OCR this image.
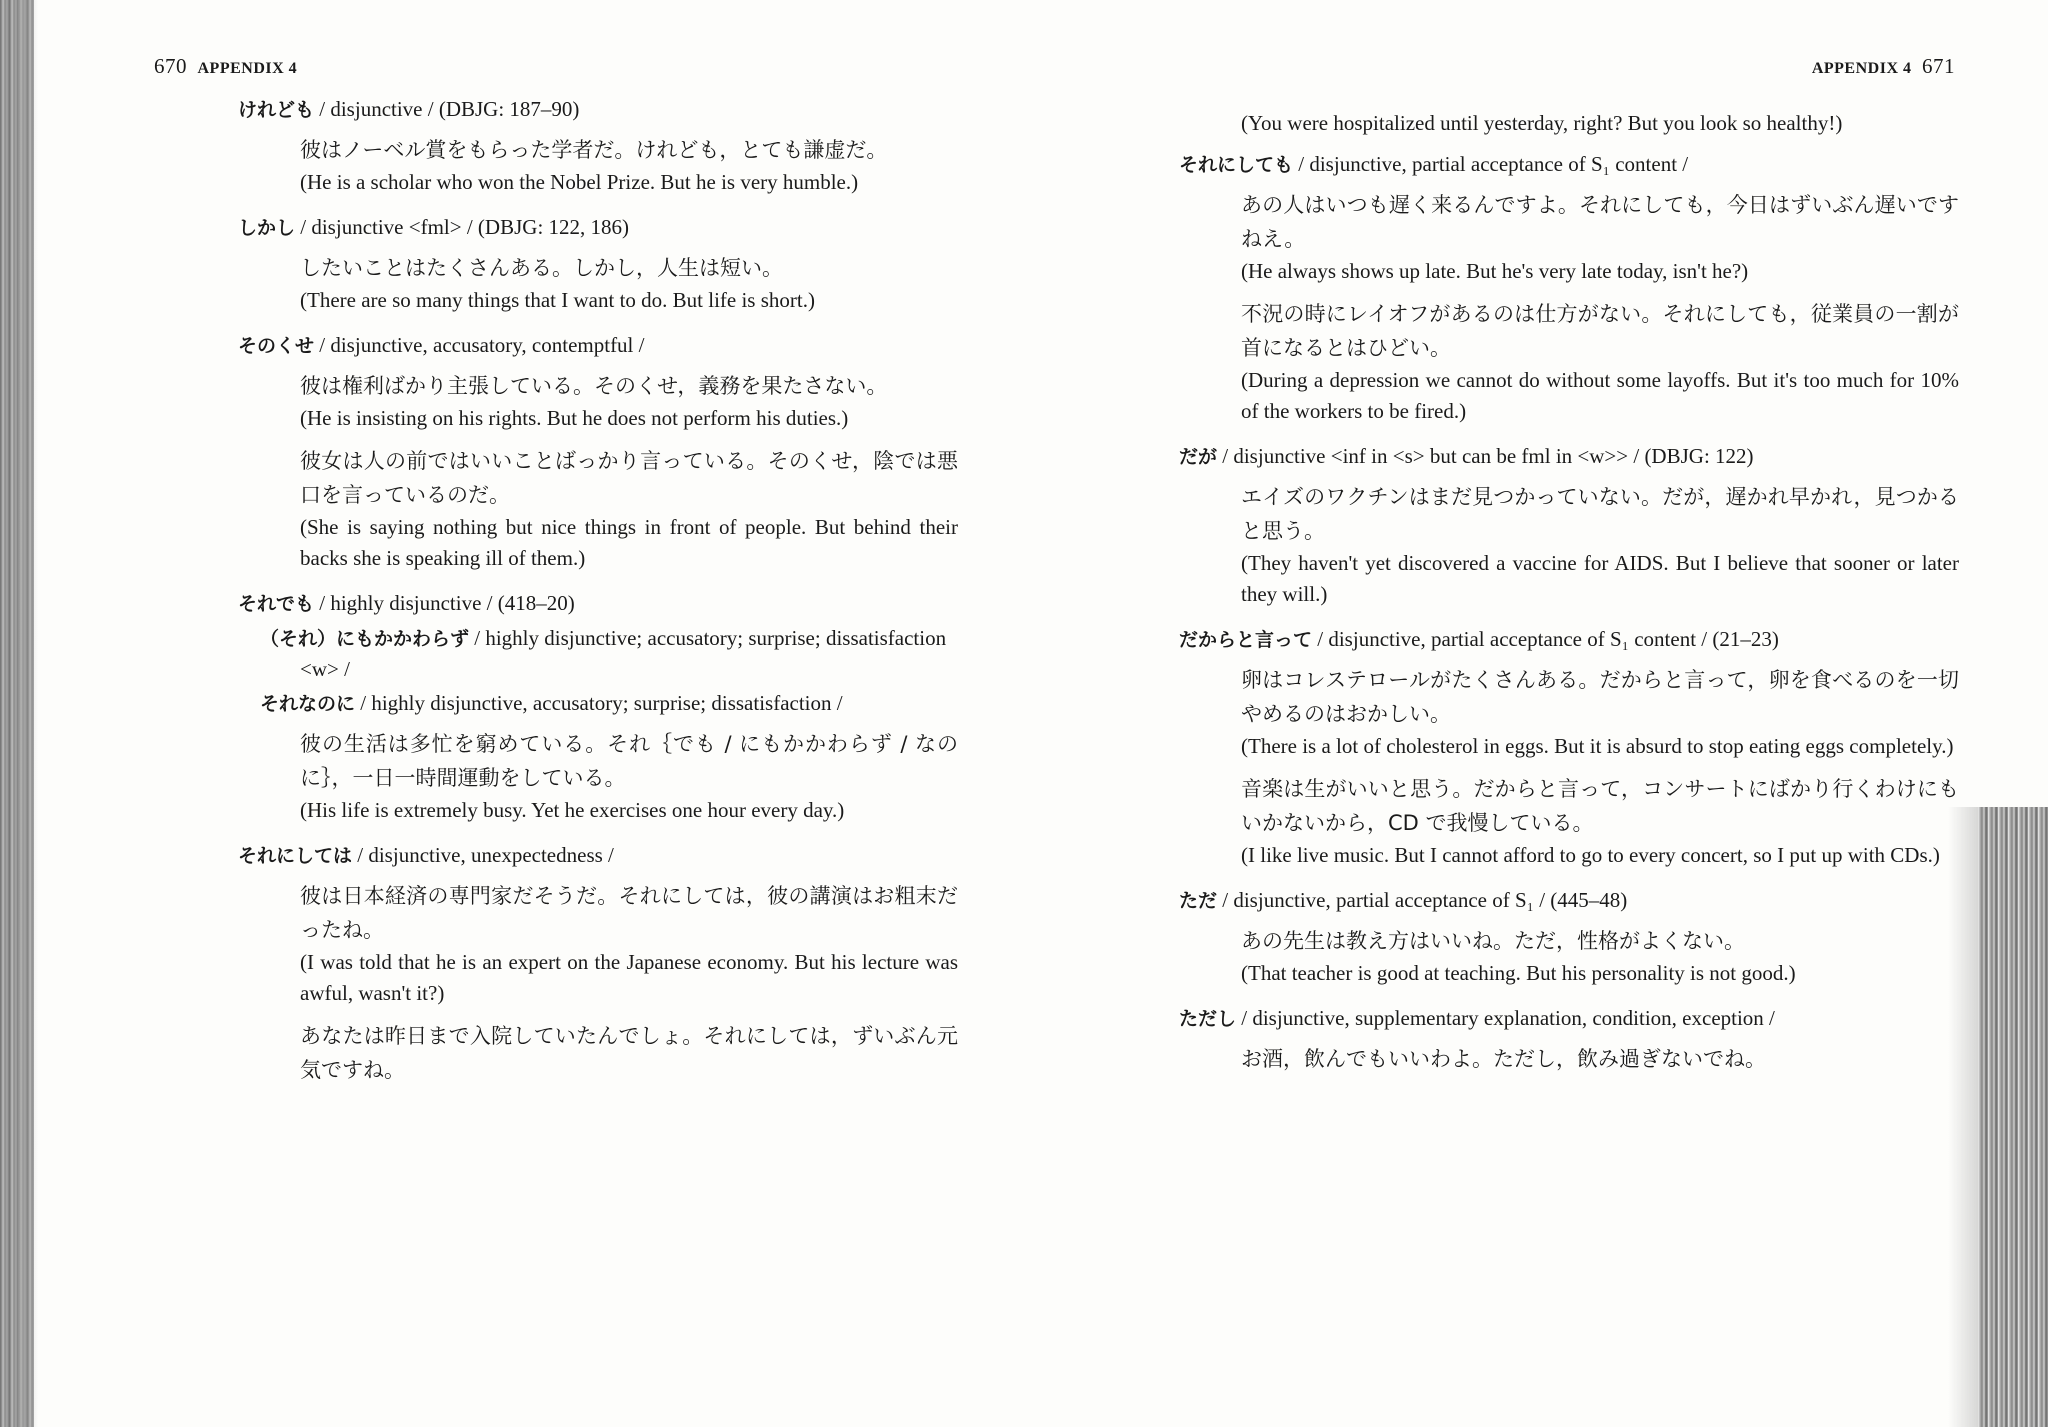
670 APPENDIX 4
けれども / disjunctive / (DBJG: 187–90)
彼はノーベル賞をもらった学者だ。けれども，とても謙虚だ。
(He is a scholar who won the Nobel Prize. But he is very humble.)
しかし / disjunctive <fml> / (DBJG: 122, 186)
したいことはたくさんある。しかし，人生は短い。
(There are so many things that I want to do. But life is short.)
そのくせ / disjunctive, accusatory, contemptful /
彼は権利ばかり主張している。そのくせ，義務を果たさない。
(He is insisting on his rights. But he does not perform his duties.)
彼女は人の前ではいいことばっかり言っている。そのくせ，陰では悪口を言っているのだ。
(She is saying nothing but nice things in front of people. But behind their backs she is speaking ill of them.)
それでも / highly disjunctive / (418–20)
（それ）にもかかわらず / highly disjunctive; accusatory; surprise; dissatisfaction <w> /
それなのに / highly disjunctive, accusatory; surprise; dissatisfaction /
彼の生活は多忙を窮めている。それ｛でも / にもかかわらず / なのに｝，一日一時間運動をしている。
(His life is extremely busy. Yet he exercises one hour every day.)
それにしては / disjunctive, unexpectedness /
彼は日本経済の専門家だそうだ。それにしては，彼の講演はお粗末だったね。
(I was told that he is an expert on the Japanese economy. But his lecture was awful, wasn't it?)
あなたは昨日まで入院していたんでしょ。それにしては，ずいぶん元気ですね。
APPENDIX 4 671
(You were hospitalized until yesterday, right? But you look so healthy!)
それにしても / disjunctive, partial acceptance of S₁ content /
あの人はいつも遅く来るんですよ。それにしても，今日はずいぶん遅いですねえ。
(He always shows up late. But he's very late today, isn't he?)
不況の時にレイオフがあるのは仕方がない。それにしても，従業員の一割が首になるとはひどい。
(During a depression we cannot do without some layoffs. But it's too much for 10% of the workers to be fired.)
だが / disjunctive <inf in <s> but can be fml in <w>> / (DBJG: 122)
エイズのワクチンはまだ見つかっていない。だが，遅かれ早かれ，見つかると思う。
(They haven't yet discovered a vaccine for AIDS. But I believe that sooner or later they will.)
だからと言って / disjunctive, partial acceptance of S₁ content / (21–23)
卵はコレステロールがたくさんある。だからと言って，卵を食べるのを一切やめるのはおかしい。
(There is a lot of cholesterol in eggs. But it is absurd to stop eating eggs completely.)
音楽は生がいいと思う。だからと言って，コンサートにばかり行くわけにもいかないから，CD で我慢している。
(I like live music. But I cannot afford to go to every concert, so I put up with CDs.)
ただ / disjunctive, partial acceptance of S₁ / (445–48)
あの先生は教え方はいいね。ただ，性格がよくない。
(That teacher is good at teaching. But his personality is not good.)
ただし / disjunctive, supplementary explanation, condition, exception /
お酒，飲んでもいいわよ。ただし，飲み過ぎないでね。
